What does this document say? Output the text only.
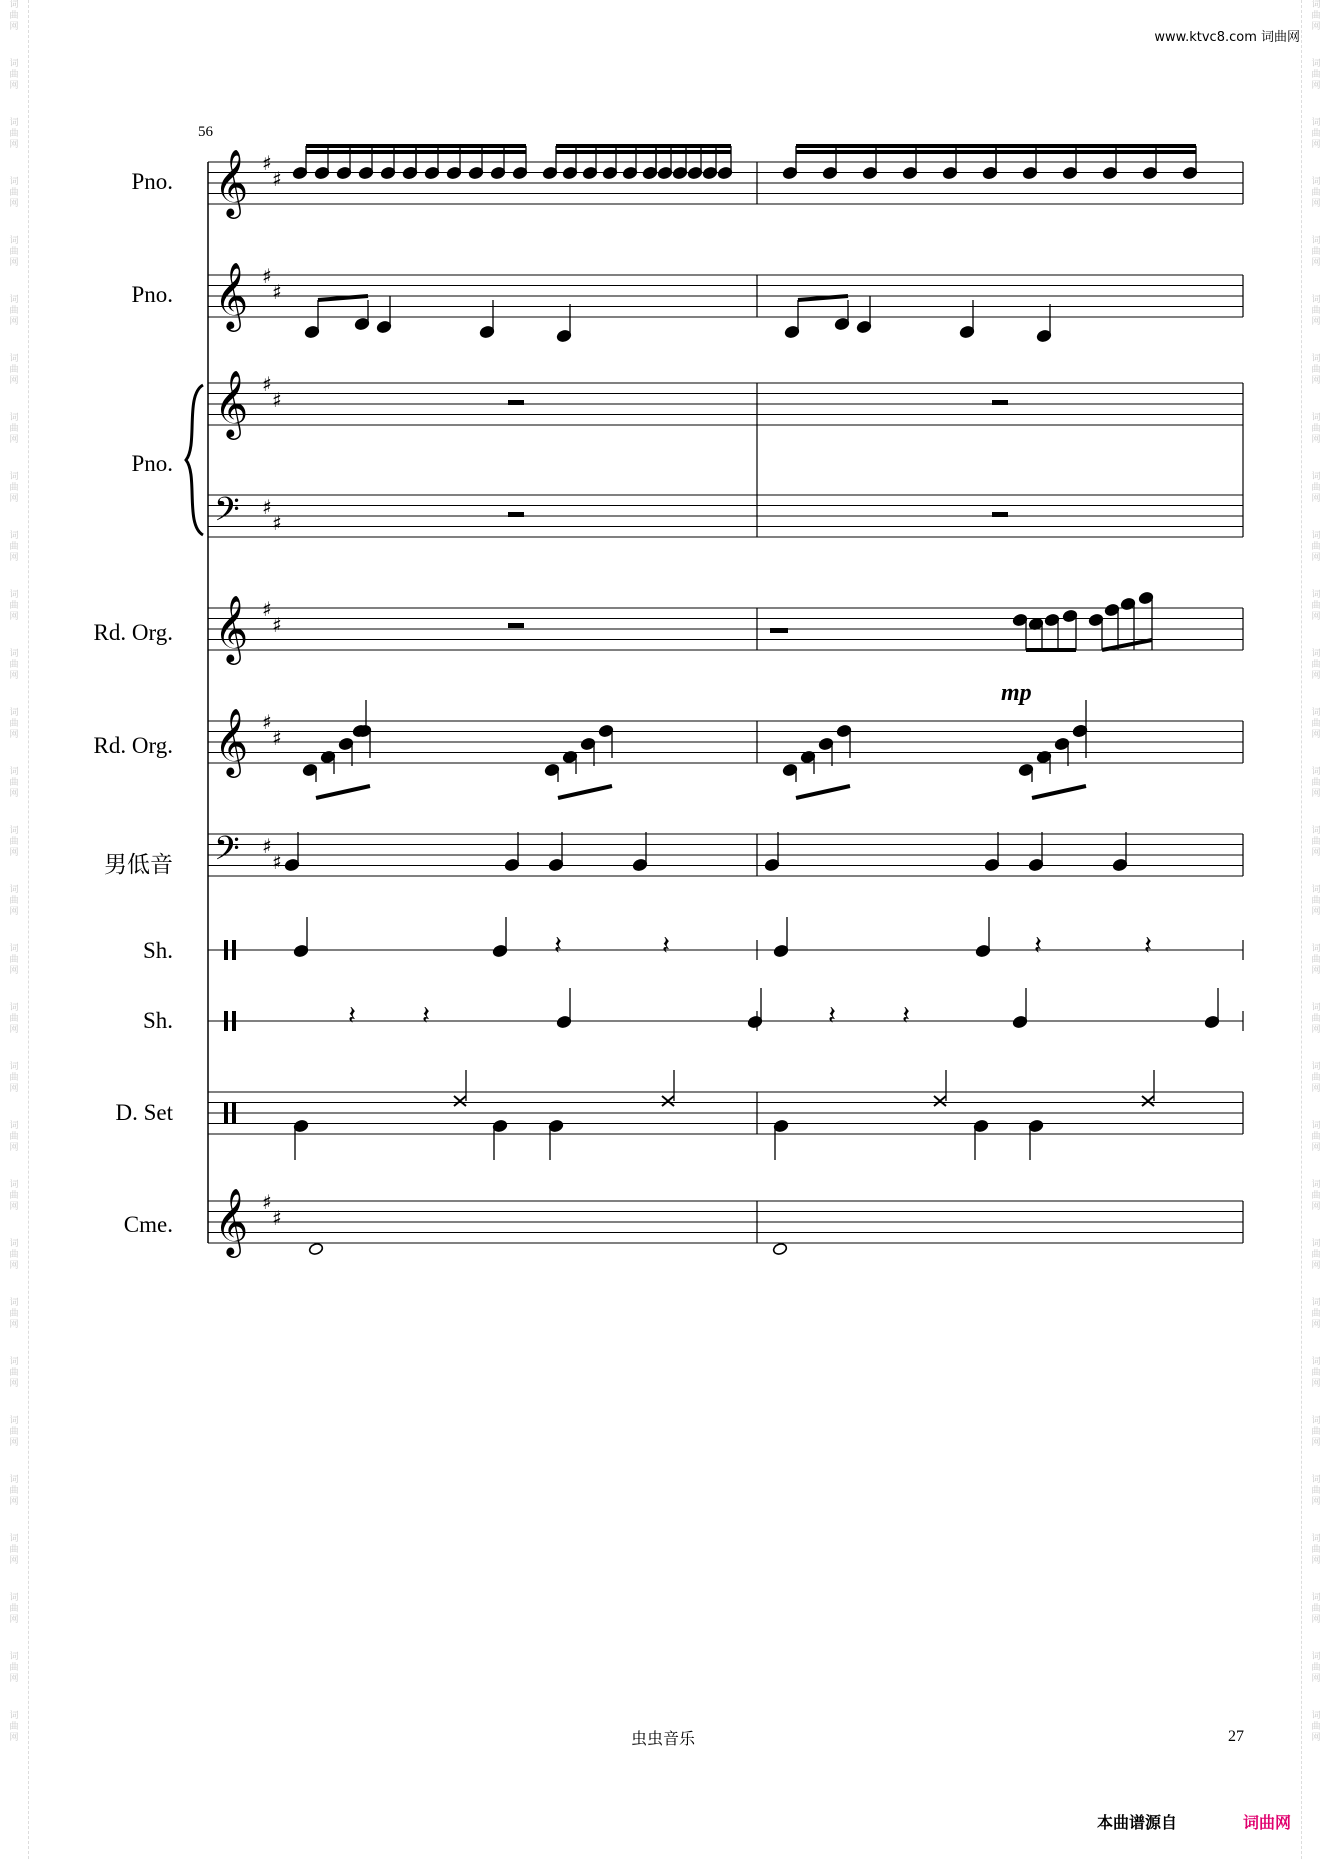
词
曲
网
词
曲
网
词
曲
网
词
曲
网
词
曲
网
词
曲
网
词
曲
网
词
曲
网
词
曲
网
词
曲
网
词
曲
网
词
曲
网
词
曲
网
词
曲
网
词
曲
网
词
曲
网
词
曲
网
词
曲
网
词
曲
网
词
曲
网
词
曲
网
词
曲
网
词
曲
网
词
曲
网
词
曲
网
词
曲
网
词
曲
网
词
曲
网
词
曲
网
词
曲
网
词
曲
网
词
曲
网
词
曲
网
词
曲
网
词
曲
网
词
曲
网
词
曲
网
词
曲
网
词
曲
网
词
曲
网
词
曲
网
词
曲
网
词
曲
网
词
曲
网
词
曲
网
词
曲
网
词
曲
网
词
曲
网
词
曲
网
词
曲
网
词
曲
网
词
曲
网
词
曲
网
词
曲
网
词
曲
网
词
曲
网
词
曲
网
词
曲
网
词
曲
网
词
曲
网
www.ktvc8.com 词曲网
56
Pno.
Pno.
Pno.
Rd. Org.
Rd. Org.
男低音
Sh.
Sh.
D. Set
Cme.
mp
𝄞 ♯
♯
𝄞 ♯
♯
𝄞 ♯
♯
𝄞 ♯
♯
𝄞 ♯
♯
𝄞 ♯
♯
𝄢 ♯
♯
𝄢 ♯
♯
𝄽	𝄽	𝄽	𝄽
𝄽	𝄽	𝄽	𝄽
虫虫音乐	27
本曲谱源自	词曲网
